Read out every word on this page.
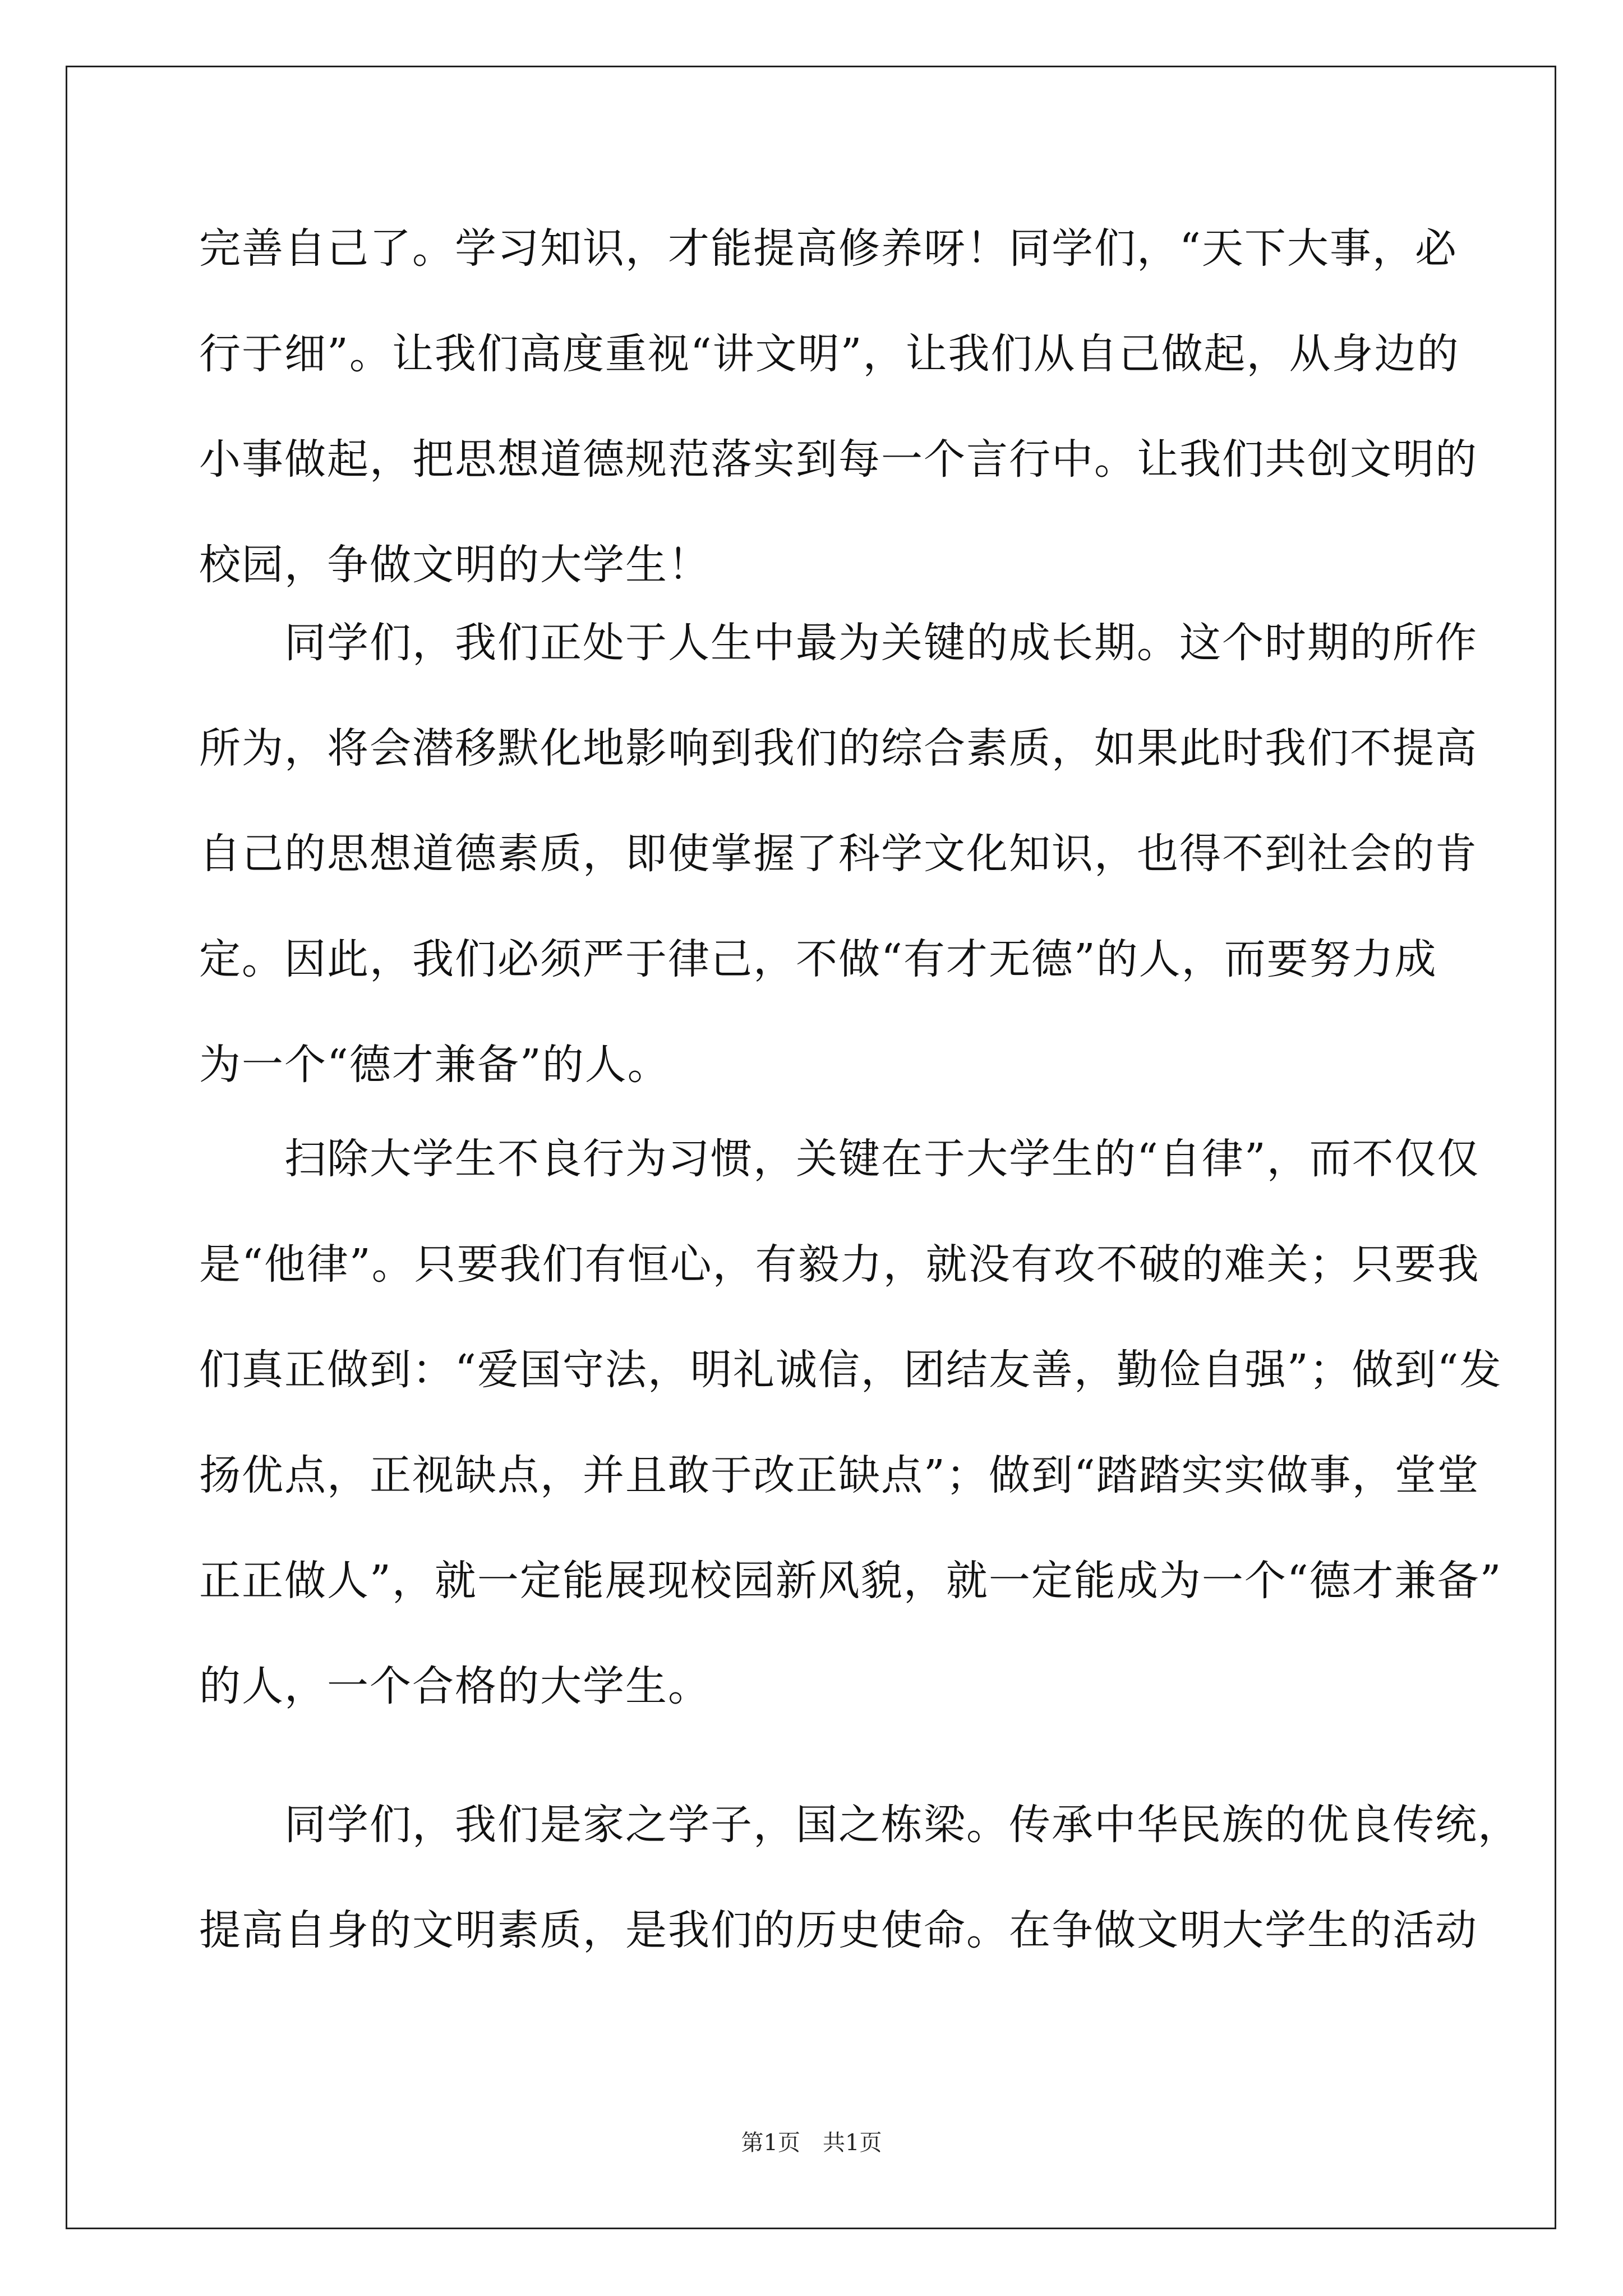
完善自己了。学习知识，才能提高修养呀！同学们，“天下大事，必
行于细”。让我们高度重视“讲文明”，让我们从自己做起，从身边的
小事做起，把思想道德规范落实到每一个言行中。让我们共创文明的
校园，争做文明的大学生！
　　同学们，我们正处于人生中最为关键的成长期。这个时期的所作
所为，将会潜移默化地影响到我们的综合素质，如果此时我们不提高
自己的思想道德素质，即使掌握了科学文化知识，也得不到社会的肯
定。因此，我们必须严于律己，不做“有才无德”的人，而要努力成
为一个“德才兼备”的人。
　　扫除大学生不良行为习惯，关键在于大学生的“自律”，而不仅仅
是“他律”。只要我们有恒心，有毅力，就没有攻不破的难关；只要我
们真正做到：“爱国守法，明礼诚信，团结友善，勤俭自强”；做到“发
扬优点，正视缺点，并且敢于改正缺点”；做到“踏踏实实做事，堂堂
正正做人”，就一定能展现校园新风貌，就一定能成为一个“德才兼备”
的人，一个合格的大学生。
　　同学们，我们是家之学子，国之栋梁。传承中华民族的优良传统，
提高自身的文明素质，是我们的历史使命。在争做文明大学生的活动
第1页　共1页
